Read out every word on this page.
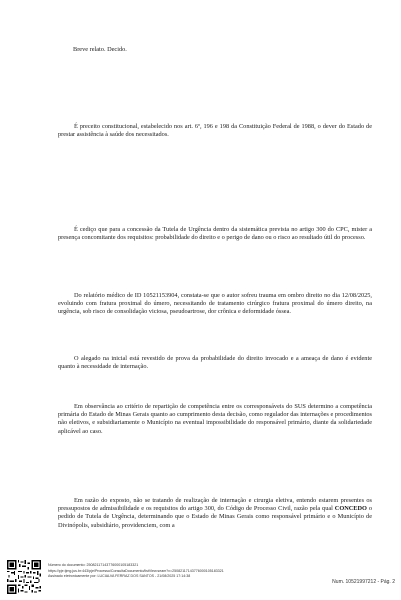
Breve relato. Decido.

É preceito constitucional, estabelecido nos art. 6º, 196 e 198 da Constituição Federal de 1988, o dever do Estado de prestar assistência à saúde dos necessitados.

É cediço que para a concessão da Tutela de Urgência dentro da sistemática prevista no artigo 300 do CPC, mister a presença concomitante dos requisitos: probabilidade do direito e o perigo de dano ou o risco ao resultado útil do processo.

Do relatório médico de ID 10521153904, constata-se que o autor sofreu trauma em ombro direito no dia 12/08/2025, evoluindo com fratura proximal do úmero, necessitando de tratamento cirúrgico fratura proximal do úmero direito, na urgência, sob risco de consolidação viciosa, pseudoartrose, dor crônica e deformidade óssea.

O alegado na inicial está revestido de prova da probabilidade do direito invocado e a ameaça de dano é evidente quanto à necessidade de internação.

Em observância ao critério de repartição de competência entre os corresponsáveis do SUS determino a competência primária do Estado de Minas Gerais quanto ao cumprimento desta decisão, como regulador das internações e procedimentos não eletivos, e subsidiariamente o Município na eventual impossibilidade do responsável primário, diante da solidariedade aplicável ao caso.

Em razão do exposto, não se tratando de realização de internação e cirurgia eletiva, entendo estarem presentes os pressupostos de admissibilidade e os requisitos do artigo 300, do Código de Processo Civil, razão pela qual CONCEDO o pedido de Tutela de Urgência, determinando que o Estado de Minas Gerais como responsável primário e o Município de Divinópolis, subsidiário, providenciem, com a

Número do documento: 25082117143776000105183321
https://pje.tjmg.jus.br:443/pje/Processo/ConsultaDocumento/listView.seam?x=25082117143776000105183321
Assinado eletronicamente por: LUCIALVA FERRAZ DOS SANTOS - 21/08/2025 17:14:38
Num. 10521997212 - Pág. 2
